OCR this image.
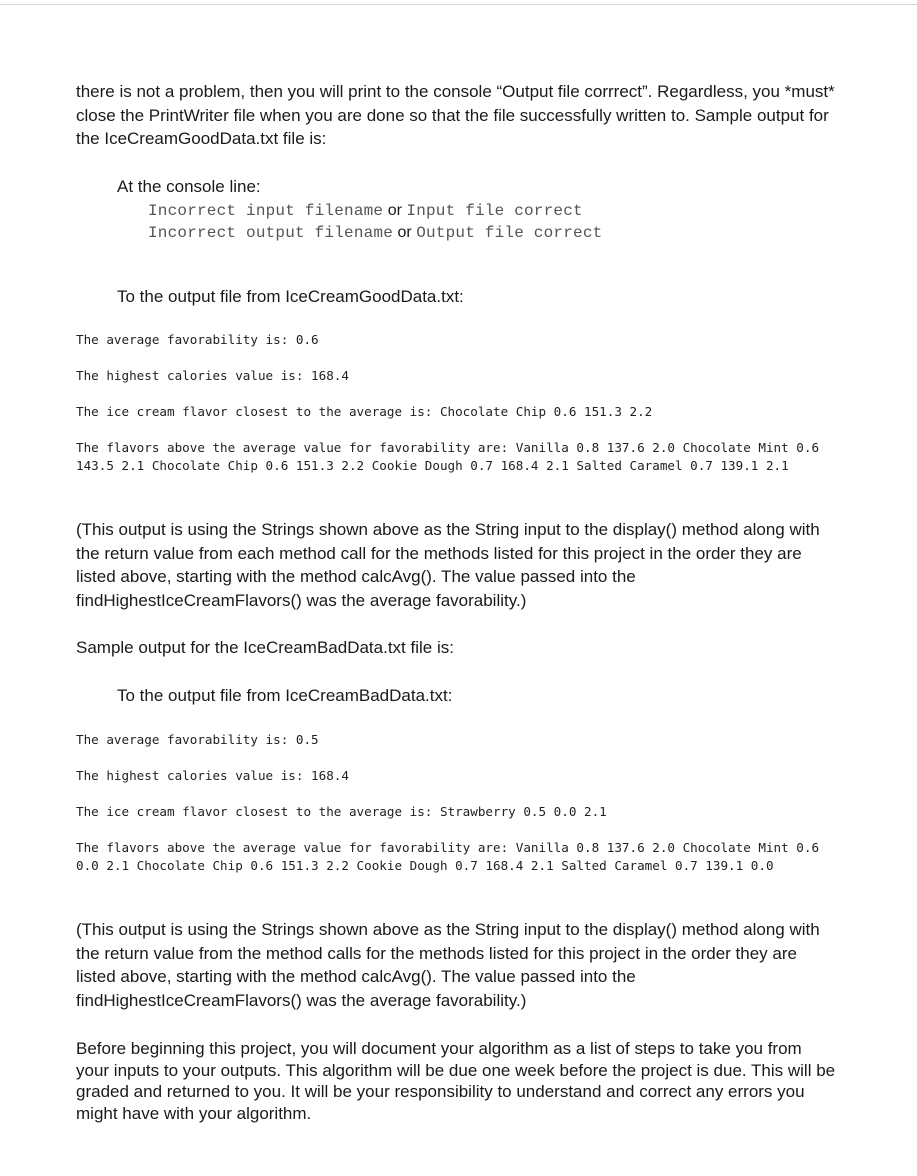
there is not a problem, then you will print to the console “Output file corrrect”. Regardless, you *must* close the PrintWriter file when you are done so that the file successfully written to. Sample output for the IceCreamGoodData.txt file is:

At the console line:

Incorrect input filename or Input file correct
Incorrect output filename or Output file correct

To the output file from IceCreamGoodData.txt:

The average favorability is: 0.6

The highest calories value is: 168.4

The ice cream flavor closest to the average is: Chocolate Chip 0.6 151.3 2.2

The flavors above the average value for favorability are: Vanilla 0.8 137.6 2.0 Chocolate Mint 0.6 143.5 2.1 Chocolate Chip 0.6 151.3 2.2 Cookie Dough 0.7 168.4 2.1 Salted Caramel 0.7 139.1 2.1

(This output is using the Strings shown above as the String input to the display() method along with the return value from each method call for the methods listed for this project in the order they are listed above, starting with the method calcAvg(). The value passed into the findHighestIceCreamFlavors() was the average favorability.)

Sample output for the IceCreamBadData.txt file is:

To the output file from IceCreamBadData.txt:

The average favorability is: 0.5

The highest calories value is: 168.4

The ice cream flavor closest to the average is: Strawberry 0.5 0.0 2.1

The flavors above the average value for favorability are: Vanilla 0.8 137.6 2.0 Chocolate Mint 0.6 0.0 2.1 Chocolate Chip 0.6 151.3 2.2 Cookie Dough 0.7 168.4 2.1 Salted Caramel 0.7 139.1 0.0

(This output is using the Strings shown above as the String input to the display() method along with the return value from the method calls for the methods listed for this project in the order they are listed above, starting with the method calcAvg(). The value passed into the findHighestIceCreamFlavors() was the average favorability.)

Before beginning this project, you will document your algorithm as a list of steps to take you from your inputs to your outputs. This algorithm will be due one week before the project is due. This will be graded and returned to you. It will be your responsibility to understand and correct any errors you might have with your algorithm.
